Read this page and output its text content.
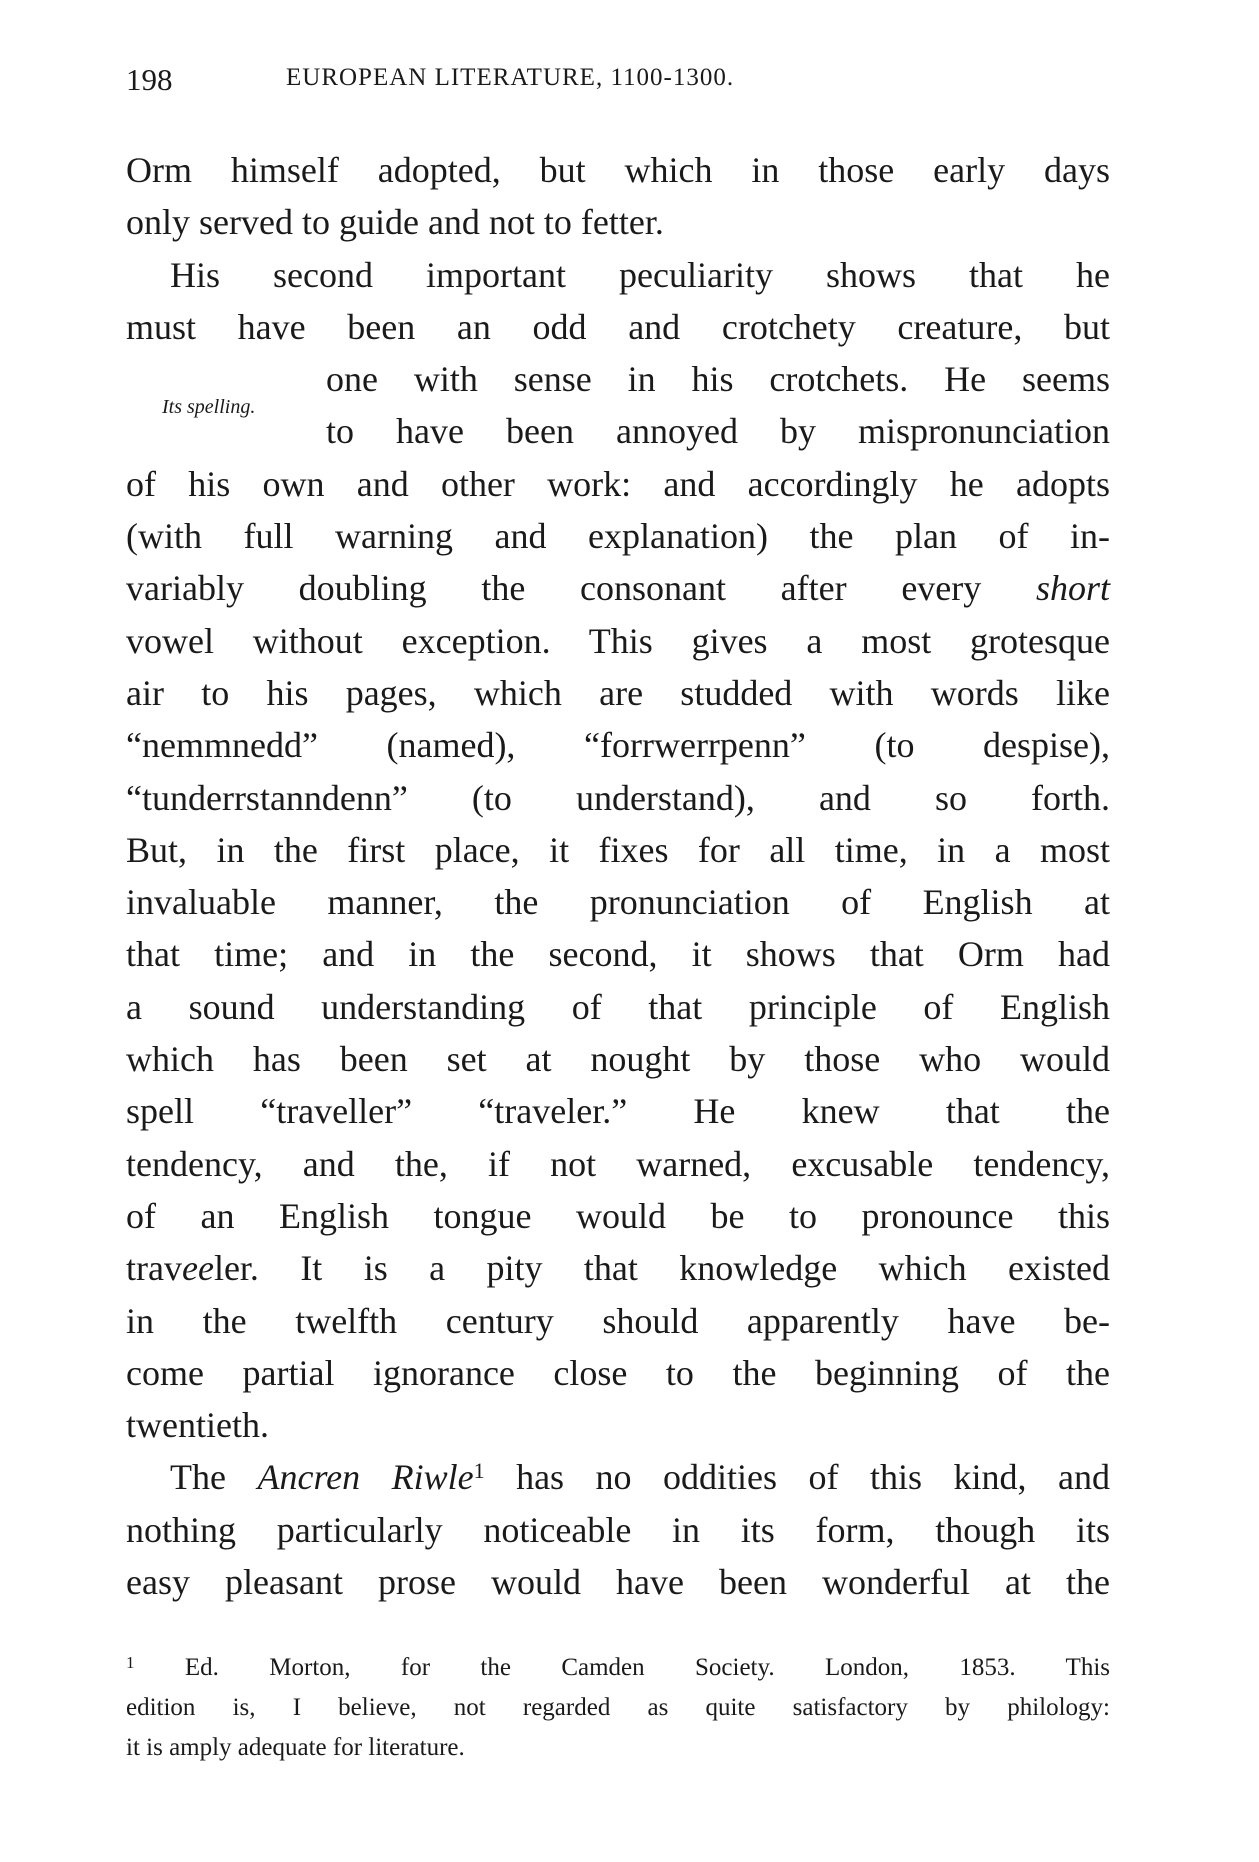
198	EUROPEAN LITERATURE, 1100-1300.
Its spelling.
Orm himself adopted, but which in those early days
only served to guide and not to fetter.
His second important peculiarity shows that he
must have been an odd and crotchety creature, but
one with sense in his crotchets. He seems
to have been annoyed by mispronunciation
of his own and other work: and accordingly he adopts
(with full warning and explanation) the plan of in-
variably doubling the consonant after every short
vowel without exception. This gives a most grotesque
air to his pages, which are studded with words like
“nemmnedd” (named), “forrwerrpenn” (to despise),
“tunderrstanndenn” (to understand), and so forth.
But, in the first place, it fixes for all time, in a most
invaluable manner, the pronunciation of English at
that time; and in the second, it shows that Orm had
a sound understanding of that principle of English
which has been set at nought by those who would
spell “traveller” “traveler.” He knew that the
tendency, and the, if not warned, excusable tendency,
of an English tongue would be to pronounce this
traveeler. It is a pity that knowledge which existed
in the twelfth century should apparently have be-
come partial ignorance close to the beginning of the
twentieth.
The Ancren Riwle$^1$ has no oddities of this kind, and
nothing particularly noticeable in its form, though its
easy pleasant prose would have been wonderful at the
$^1$ Ed. Morton, for the Camden Society. London, 1853. This
edition is, I believe, not regarded as quite satisfactory by philology:
it is amply adequate for literature.
